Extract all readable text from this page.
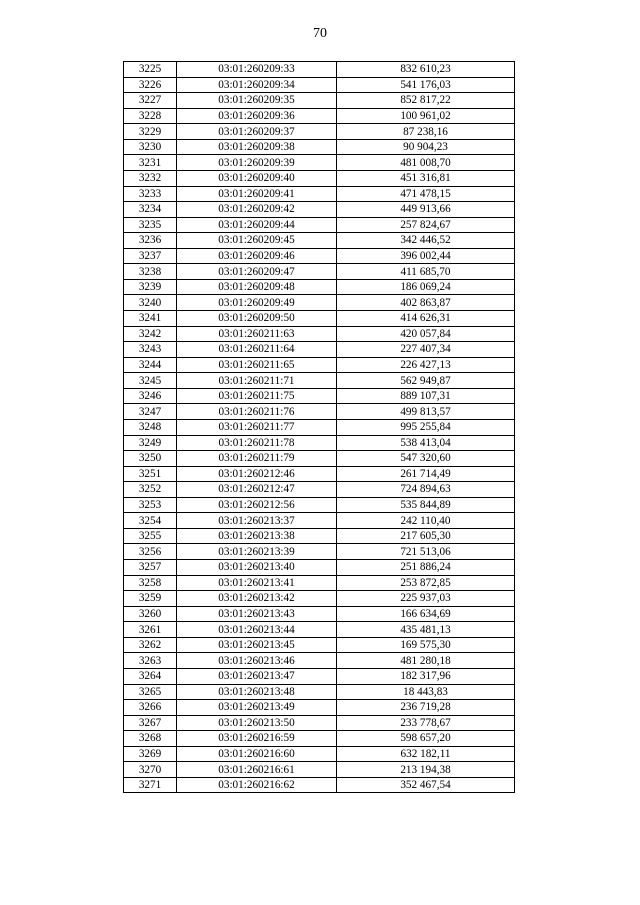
70
3225	03:01:260209:33	832 610,23
3226	03:01:260209:34	541 176,03
3227	03:01:260209:35	852 817,22
3228	03:01:260209:36	100 961,02
3229	03:01:260209:37	87 238,16
3230	03:01:260209:38	90 904,23
3231	03:01:260209:39	481 008,70
3232	03:01:260209:40	451 316,81
3233	03:01:260209:41	471 478,15
3234	03:01:260209:42	449 913,66
3235	03:01:260209:44	257 824,67
3236	03:01:260209:45	342 446,52
3237	03:01:260209:46	396 002,44
3238	03:01:260209:47	411 685,70
3239	03:01:260209:48	186 069,24
3240	03:01:260209:49	402 863,87
3241	03:01:260209:50	414 626,31
3242	03:01:260211:63	420 057,84
3243	03:01:260211:64	227 407,34
3244	03:01:260211:65	226 427,13
3245	03:01:260211:71	562 949,87
3246	03:01:260211:75	889 107,31
3247	03:01:260211:76	499 813,57
3248	03:01:260211:77	995 255,84
3249	03:01:260211:78	538 413,04
3250	03:01:260211:79	547 320,60
3251	03:01:260212:46	261 714,49
3252	03:01:260212:47	724 894,63
3253	03:01:260212:56	535 844,89
3254	03:01:260213:37	242 110,40
3255	03:01:260213:38	217 605,30
3256	03:01:260213:39	721 513,06
3257	03:01:260213:40	251 886,24
3258	03:01:260213:41	253 872,85
3259	03:01:260213:42	225 937,03
3260	03:01:260213:43	166 634,69
3261	03:01:260213:44	435 481,13
3262	03:01:260213:45	169 575,30
3263	03:01:260213:46	481 280,18
3264	03:01:260213:47	182 317,96
3265	03:01:260213:48	18 443,83
3266	03:01:260213:49	236 719,28
3267	03:01:260213:50	233 778,67
3268	03:01:260216:59	598 657,20
3269	03:01:260216:60	632 182,11
3270	03:01:260216:61	213 194,38
3271	03:01:260216:62	352 467,54
